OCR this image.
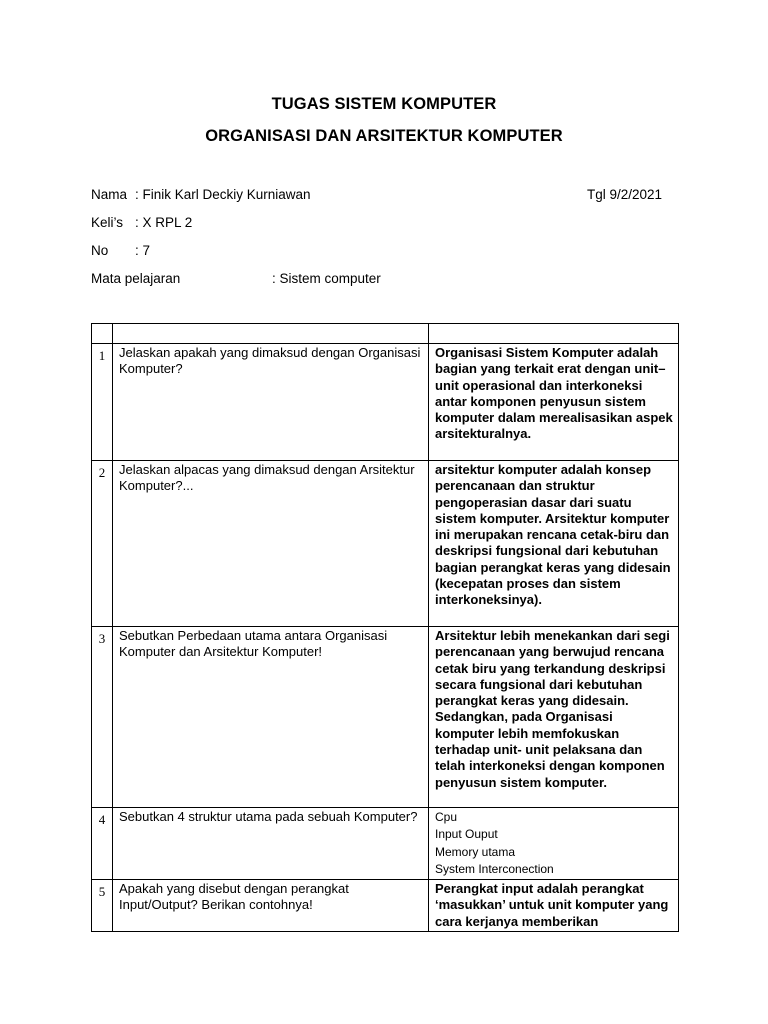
TUGAS SISTEM KOMPUTER
ORGANISASI DAN ARSITEKTUR KOMPUTER
Nama : Finik Karl Deckiy Kurniawan	Tgl 9/2/2021
Keli’s : X RPL 2
No : 7
Mata pelajaran	: Sistem computer

1	Jelaskan apakah yang dimaksud dengan Organisasi Komputer?	Organisasi Sistem Komputer adalah bagian yang terkait erat dengan unit–unit operasional dan interkoneksi antar komponen penyusun sistem komputer dalam merealisasikan aspek arsitekturalnya.
2	Jelaskan alpacas yang dimaksud dengan Arsitektur Komputer?...	arsitektur komputer adalah konsep perencanaan dan struktur pengoperasian dasar dari suatu sistem komputer. Arsitektur komputer ini merupakan rencana cetak-biru dan deskripsi fungsional dari kebutuhan bagian perangkat keras yang didesain (kecepatan proses dan sistem interkoneksinya).
3	Sebutkan Perbedaan utama antara Organisasi Komputer dan Arsitektur Komputer!	Arsitektur lebih menekankan dari segi perencanaan yang berwujud rencana cetak biru yang terkandung deskripsi secara fungsional dari kebutuhan perangkat keras yang didesain. Sedangkan, pada Organisasi komputer lebih memfokuskan terhadap unit- unit pelaksana dan telah interkoneksi dengan komponen penyusun sistem komputer.
4	Sebutkan 4 struktur utama pada sebuah Komputer?	Cpu
Input Ouput
Memory utama
System Interconection

5	Apakah yang disebut dengan perangkat Input/Output? Berikan contohnya!	Perangkat input adalah perangkat ‘masukkan’ untuk unit komputer yang cara kerjanya memberikan
